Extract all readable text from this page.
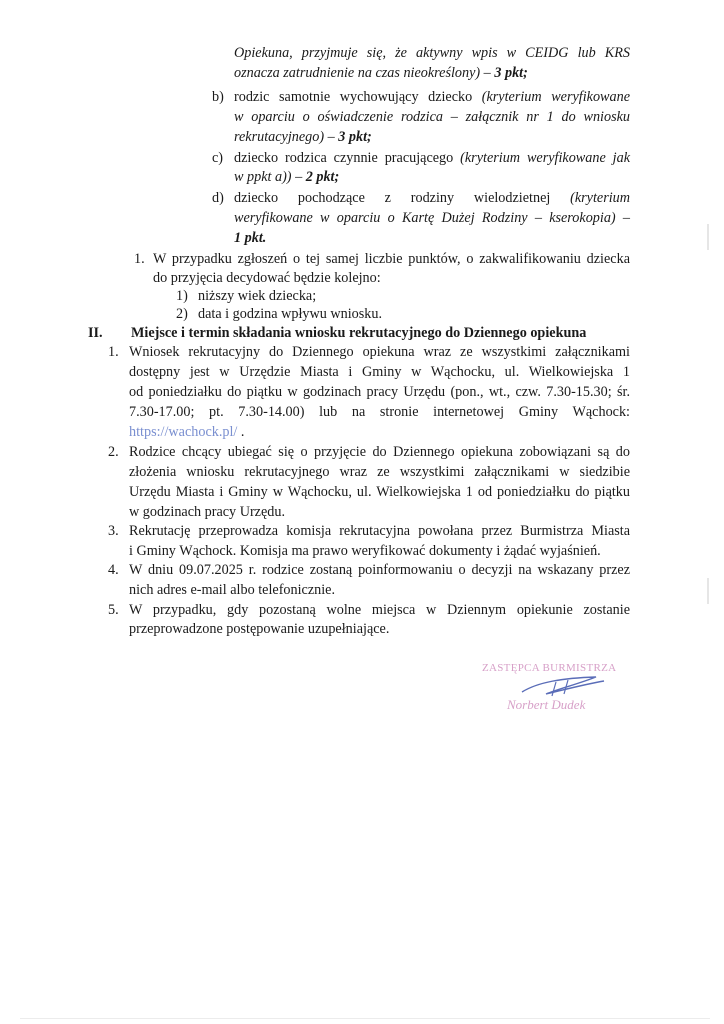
Opiekuna, przyjmuje się, że aktywny wpis w CEIDG lub KRS
oznacza zatrudnienie na czas nieokreślony) – 3 pkt;
b) rodzic samotnie wychowujący dziecko (kryterium weryfikowane
w oparciu o oświadczenie rodzica – załącznik nr 1 do wniosku
rekrutacyjnego) – 3 pkt;
c) dziecko rodzica czynnie pracującego (kryterium weryfikowane jak
w ppkt a)) – 2 pkt;
d) dziecko pochodzące z rodziny wielodzietnej (kryterium
weryfikowane w oparciu o Kartę Dużej Rodziny – kserokopia) –
1 pkt.
1. W przypadku zgłoszeń o tej samej liczbie punktów, o zakwalifikowaniu dziecka
do przyjęcia decydować będzie kolejno:
1) niższy wiek dziecka;
2) data i godzina wpływu wniosku.
II. Miejsce i termin składania wniosku rekrutacyjnego do Dziennego opiekuna
1. Wniosek rekrutacyjny do Dziennego opiekuna wraz ze wszystkimi załącznikami
dostępny jest w Urzędzie Miasta i Gminy w Wąchocku, ul. Wielkowiejska 1
od poniedziałku do piątku w godzinach pracy Urzędu (pon., wt., czw. 7.30-15.30; śr.
7.30-17.00; pt. 7.30-14.00) lub na stronie internetowej Gminy Wąchock:
https://wachock.pl/ .
2. Rodzice chcący ubiegać się o przyjęcie do Dziennego opiekuna zobowiązani są do
złożenia wniosku rekrutacyjnego wraz ze wszystkimi załącznikami w siedzibie
Urzędu Miasta i Gminy w Wąchocku, ul. Wielkowiejska 1 od poniedziałku do piątku
w godzinach pracy Urzędu.
3. Rekrutację przeprowadza komisja rekrutacyjna powołana przez Burmistrza Miasta
i Gminy Wąchock. Komisja ma prawo weryfikować dokumenty i żądać wyjaśnień.
4. W dniu 09.07.2025 r. rodzice zostaną poinformowaniu o decyzji na wskazany przez
nich adres e-mail albo telefonicznie.
5. W przypadku, gdy pozostaną wolne miejsca w Dziennym opiekunie zostanie
przeprowadzone postępowanie uzupełniające.
ZASTĘPCA BURMISTRZA
Norbert Dudek
